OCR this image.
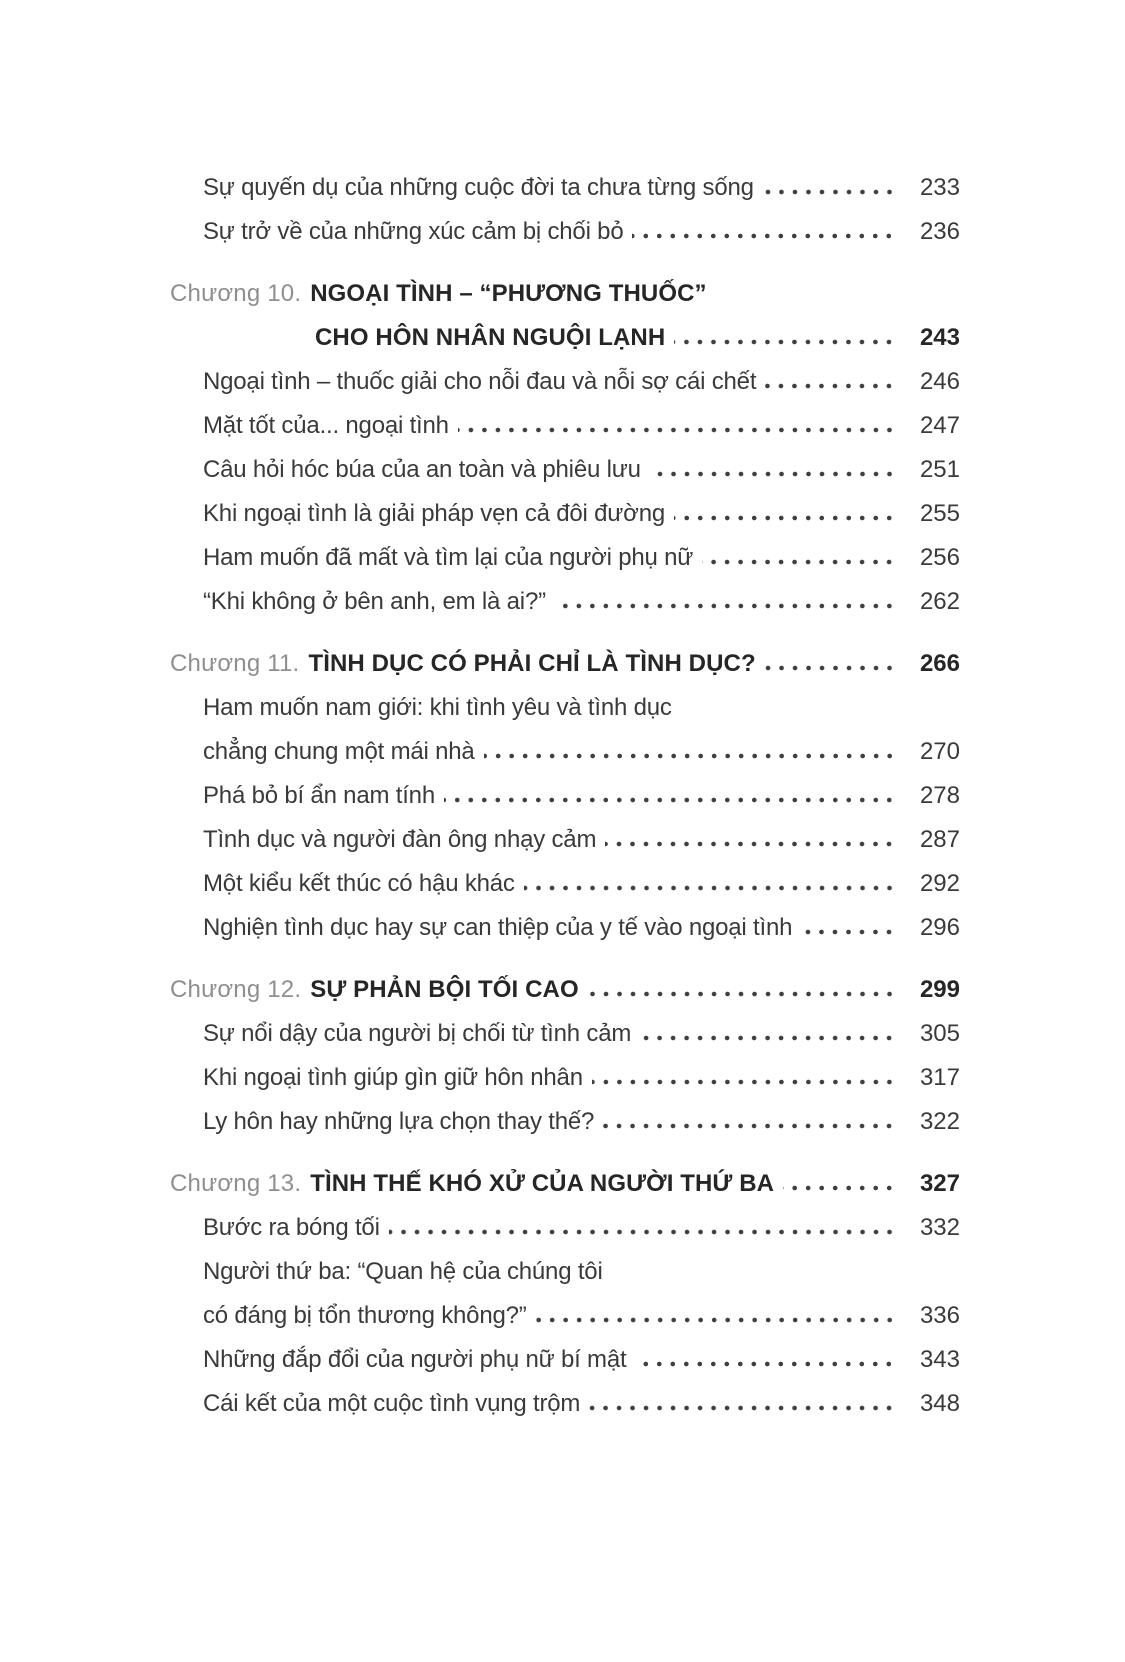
Sự quyến dụ của những cuộc đời ta chưa từng sống	233
Sự trở về của những xúc cảm bị chối bỏ	236
Chương 10. NGOẠI TÌNH – “PHƯƠNG THUỐC”
CHO HÔN NHÂN NGUỘI LẠNH	243
Ngoại tình – thuốc giải cho nỗi đau và nỗi sợ cái chết	246
Mặt tốt của... ngoại tình	247
Câu hỏi hóc búa của an toàn và phiêu lưu	251
Khi ngoại tình là giải pháp vẹn cả đôi đường	255
Ham muốn đã mất và tìm lại của người phụ nữ	256
“Khi không ở bên anh, em là ai?”	262
Chương 11. TÌNH DỤC CÓ PHẢI CHỈ LÀ TÌNH DỤC?	266
Ham muốn nam giới: khi tình yêu và tình dục
chẳng chung một mái nhà	270
Phá bỏ bí ẩn nam tính	278
Tình dục và người đàn ông nhạy cảm	287
Một kiểu kết thúc có hậu khác	292
Nghiện tình dục hay sự can thiệp của y tế vào ngoại tình	296
Chương 12. SỰ PHẢN BỘI TỐI CAO	299
Sự nổi dậy của người bị chối từ tình cảm	305
Khi ngoại tình giúp gìn giữ hôn nhân	317
Ly hôn hay những lựa chọn thay thế?	322
Chương 13. TÌNH THẾ KHÓ XỬ CỦA NGƯỜI THỨ BA	327
Bước ra bóng tối	332
Người thứ ba: “Quan hệ của chúng tôi
có đáng bị tổn thương không?”	336
Những đắp đổi của người phụ nữ bí mật	343
Cái kết của một cuộc tình vụng trộm	348
